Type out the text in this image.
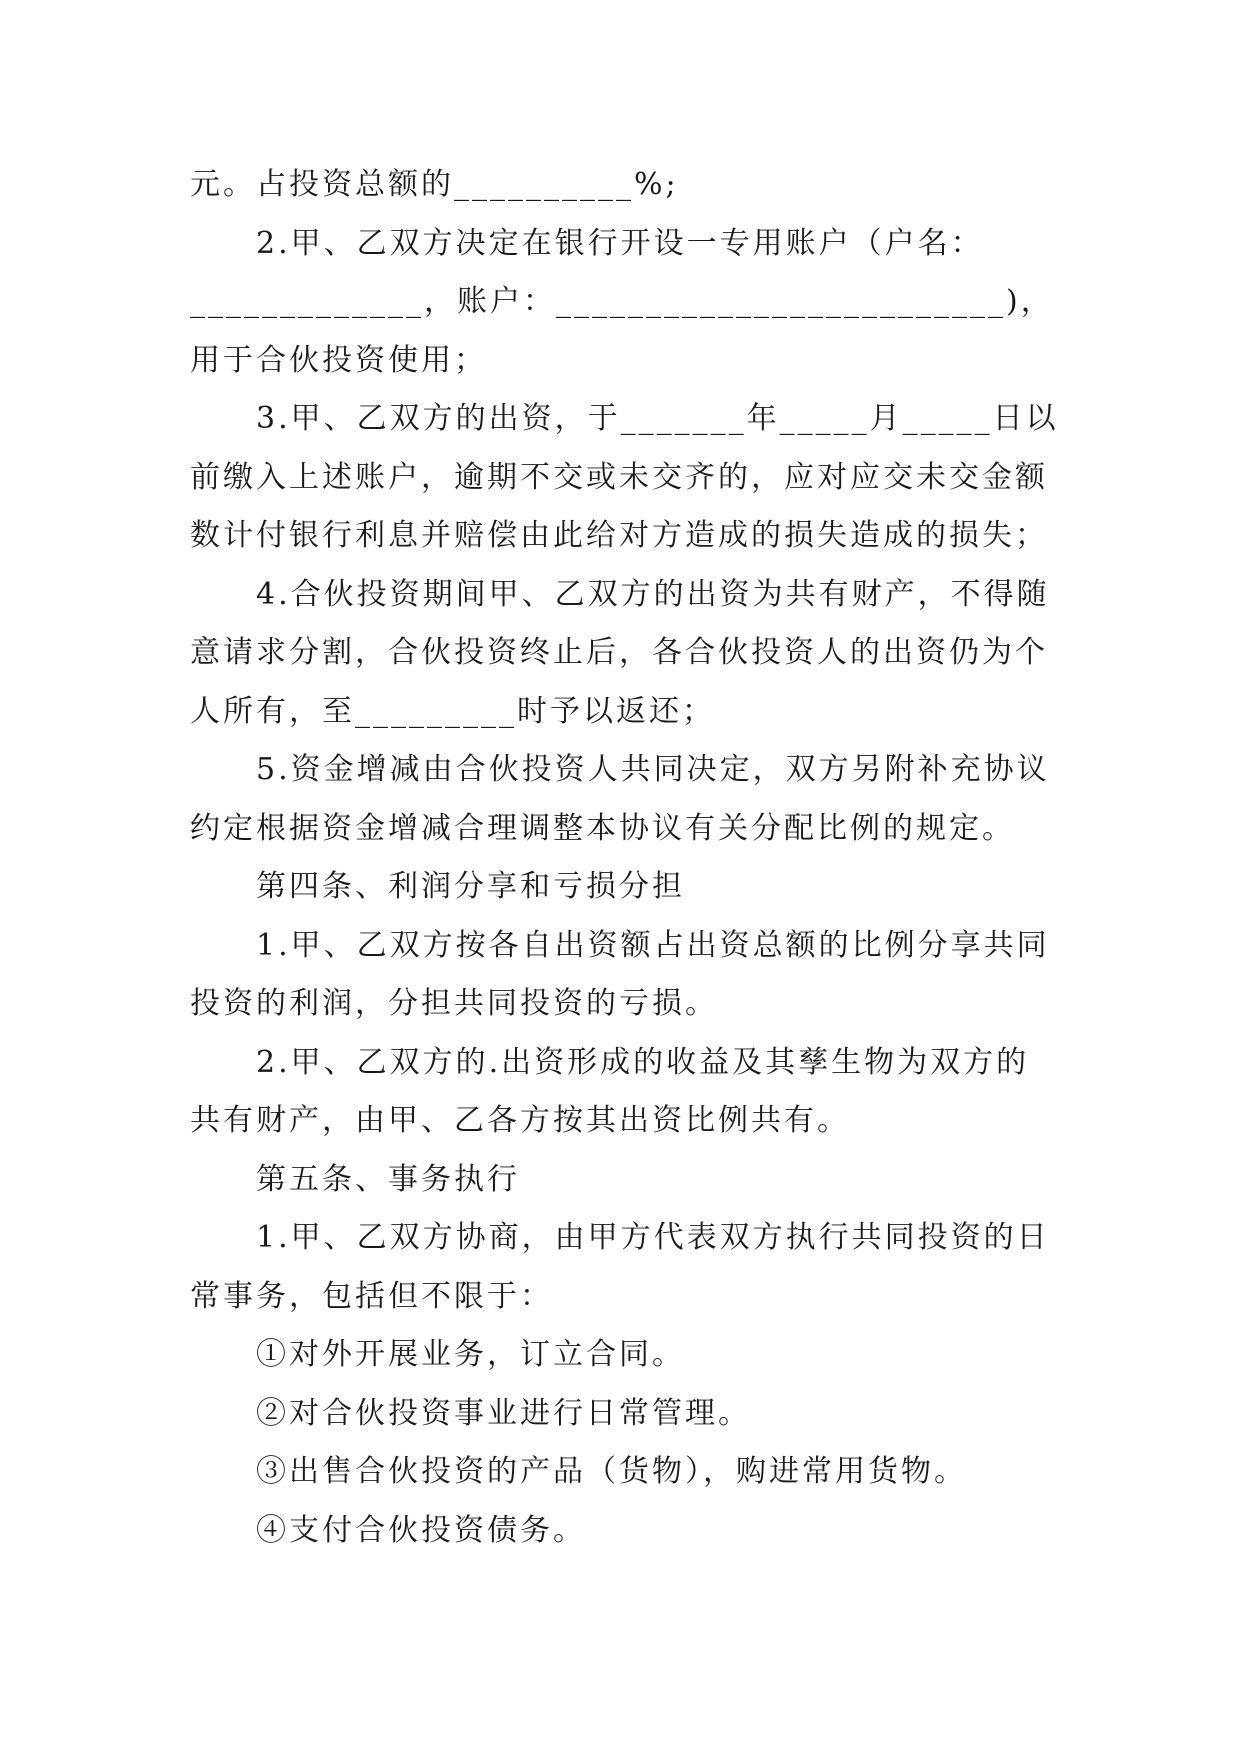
元。占投资总额的__________%;
2.甲、乙双方决定在银行开设一专用账户（户名：
_____________，账户：_________________________)，
用于合伙投资使用；
3.甲、乙双方的出资，于_______年_____月_____日以
前缴入上述账户，逾期不交或未交齐的，应对应交未交金额
数计付银行利息并赔偿由此给对方造成的损失造成的损失；
4.合伙投资期间甲、乙双方的出资为共有财产，不得随
意请求分割，合伙投资终止后，各合伙投资人的出资仍为个
人所有，至_________时予以返还；
5.资金增减由合伙投资人共同决定，双方另附补充协议
约定根据资金增减合理调整本协议有关分配比例的规定。
第四条、利润分享和亏损分担
1.甲、乙双方按各自出资额占出资总额的比例分享共同
投资的利润，分担共同投资的亏损。
2.甲、乙双方的.出资形成的收益及其孳生物为双方的
共有财产，由甲、乙各方按其出资比例共有。
第五条、事务执行
1.甲、乙双方协商，由甲方代表双方执行共同投资的日
常事务，包括但不限于：
①对外开展业务，订立合同。
②对合伙投资事业进行日常管理。
③出售合伙投资的产品（货物），购进常用货物。
④支付合伙投资债务。
